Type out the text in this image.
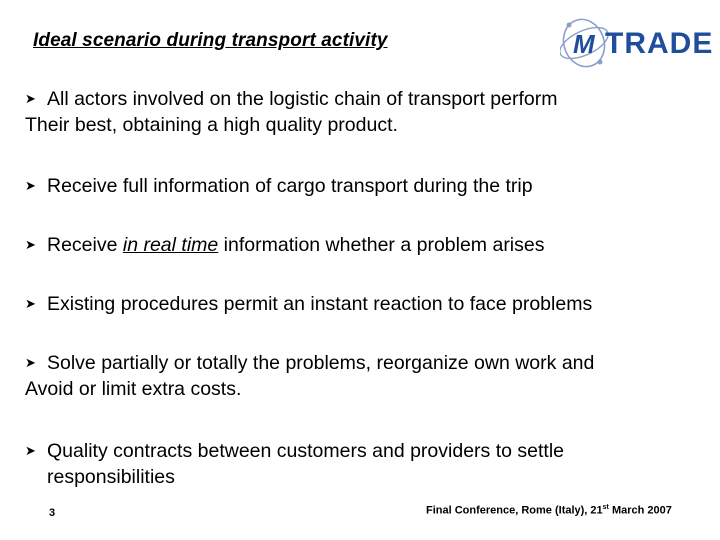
Ideal scenario during transport activity	M TRADE
➤ All actors involved on the logistic chain of transport perform
Their best, obtaining a high quality product.
➤ Receive full information of cargo transport during the trip
➤ Receive in real time information whether a problem arises
➤ Existing procedures permit an instant reaction to face problems
➤ Solve partially or totally the problems, reorganize own work and
Avoid or limit extra costs.
➤ Quality contracts between customers and providers to settle
responsibilities
3	Final Conference, Rome (Italy), 21st March 2007
